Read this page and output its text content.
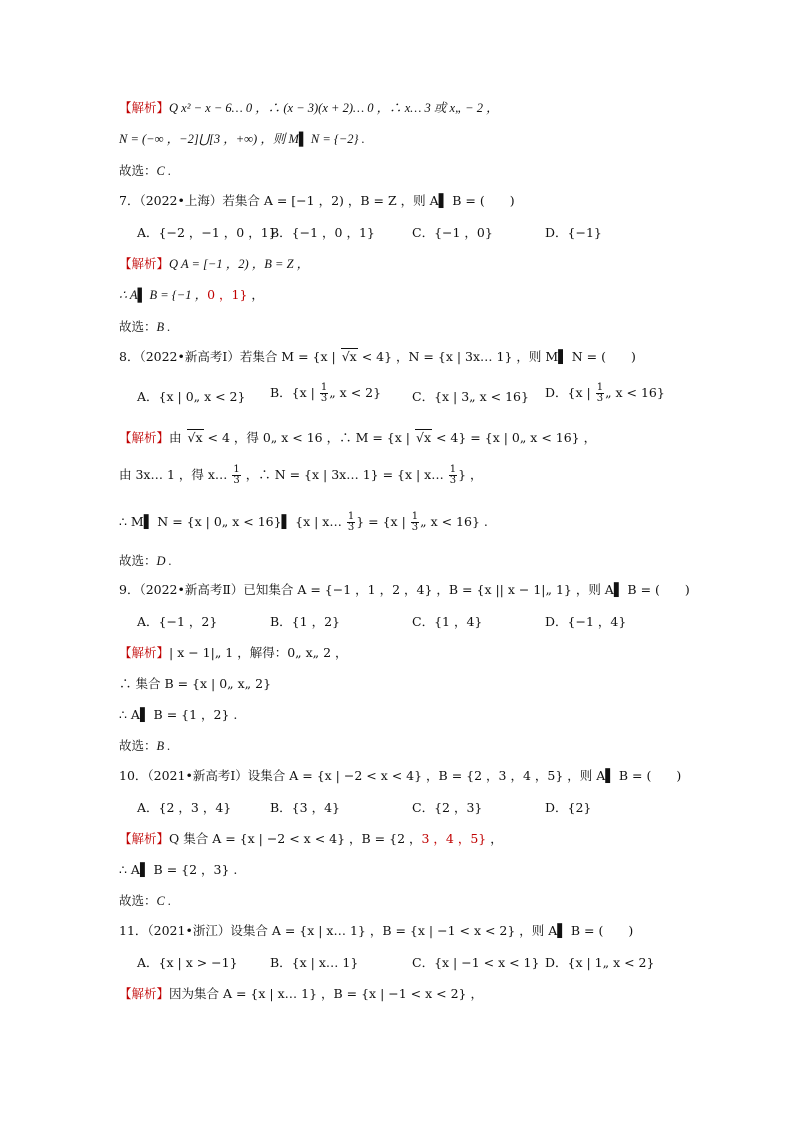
【解析】Q x² − x − 6… 0 ，∴ (x − 3)(x + 2)… 0 ，∴ x… 3 或 x„ − 2 ，
N = (−∞ ，−2]⋃[3 ，+∞) ，则 M▌ N = {−2} .
故选：C .
7．（2022•上海）若集合 A = [−1 ，2) ，B = Z ，则 A▌ B = (　　)
A．{−2 ，−1 ，0 ，1}
B．{−1 ，0 ，1}	C．{−1 ，0}	D．{−1}
【解析】Q A = [−1 ，2) ，B = Z ，
∴ A▌ B = {−1 ，0 ，1} ，
故选：B .
8．（2022•新高考Ⅰ）若集合 M = {x | √x < 4} ，N = {x | 3x… 1} ，则 M▌ N = (　　)
A．{x | 0„ x < 2} B．{x | $\frac{1}{3}$ „ x < 2} C．{x | 3„ x < 16} D．{x | $\frac{1}{3}$ „ x < 16}
【解析】由 √x < 4 ，得 0„ x < 16 ，∴ M = {x | √x < 4} = {x | 0„ x < 16} ，
由 3x… 1 ，得 x… $\frac{1}{3}$ ，∴ N = {x | 3x… 1} = {x | x… $\frac{1}{3}$ } ，
∴ M▌ N = {x | 0„ x < 16}▌ {x | x… $\frac{1}{3}$ } = {x | $\frac{1}{3}$ „ x < 16} .
故选：D .
9．（2022•新高考Ⅱ）已知集合 A = {−1 ，1 ，2 ，4} ，B = {x || x − 1|„ 1} ，则 A▌ B = (　　)
A．{−1 ，2}	B．{1 ，2}	C．{1 ，4}	D．{−1 ，4}
【解析】| x − 1|„ 1 ，解得：0„ x„ 2 ，
∴ 集合 B = {x | 0„ x„ 2}
∴ A▌ B = {1 ，2} .
故选：B .
10．（2021•新高考Ⅰ）设集合 A = {x | −2 < x < 4} ，B = {2 ，3 ，4 ，5} ，则 A▌ B = (　　)
A．{2 ，3 ，4}	B．{3 ，4}	C．{2 ，3}	D．{2}
【解析】Q 集合 A = {x | −2 < x < 4} ，B = {2 ，3 ，4 ，5} ，
∴ A▌ B = {2 ，3} .
故选：C .
11．（2021•浙江）设集合 A = {x | x… 1} ，B = {x | −1 < x < 2} ，则 A▌ B = (　　)
A．{x | x > −1}	B．{x | x… 1}	C．{x | −1 < x < 1} D．{x | 1„ x < 2}
【解析】因为集合 A = {x | x… 1} ，B = {x | −1 < x < 2} ，
